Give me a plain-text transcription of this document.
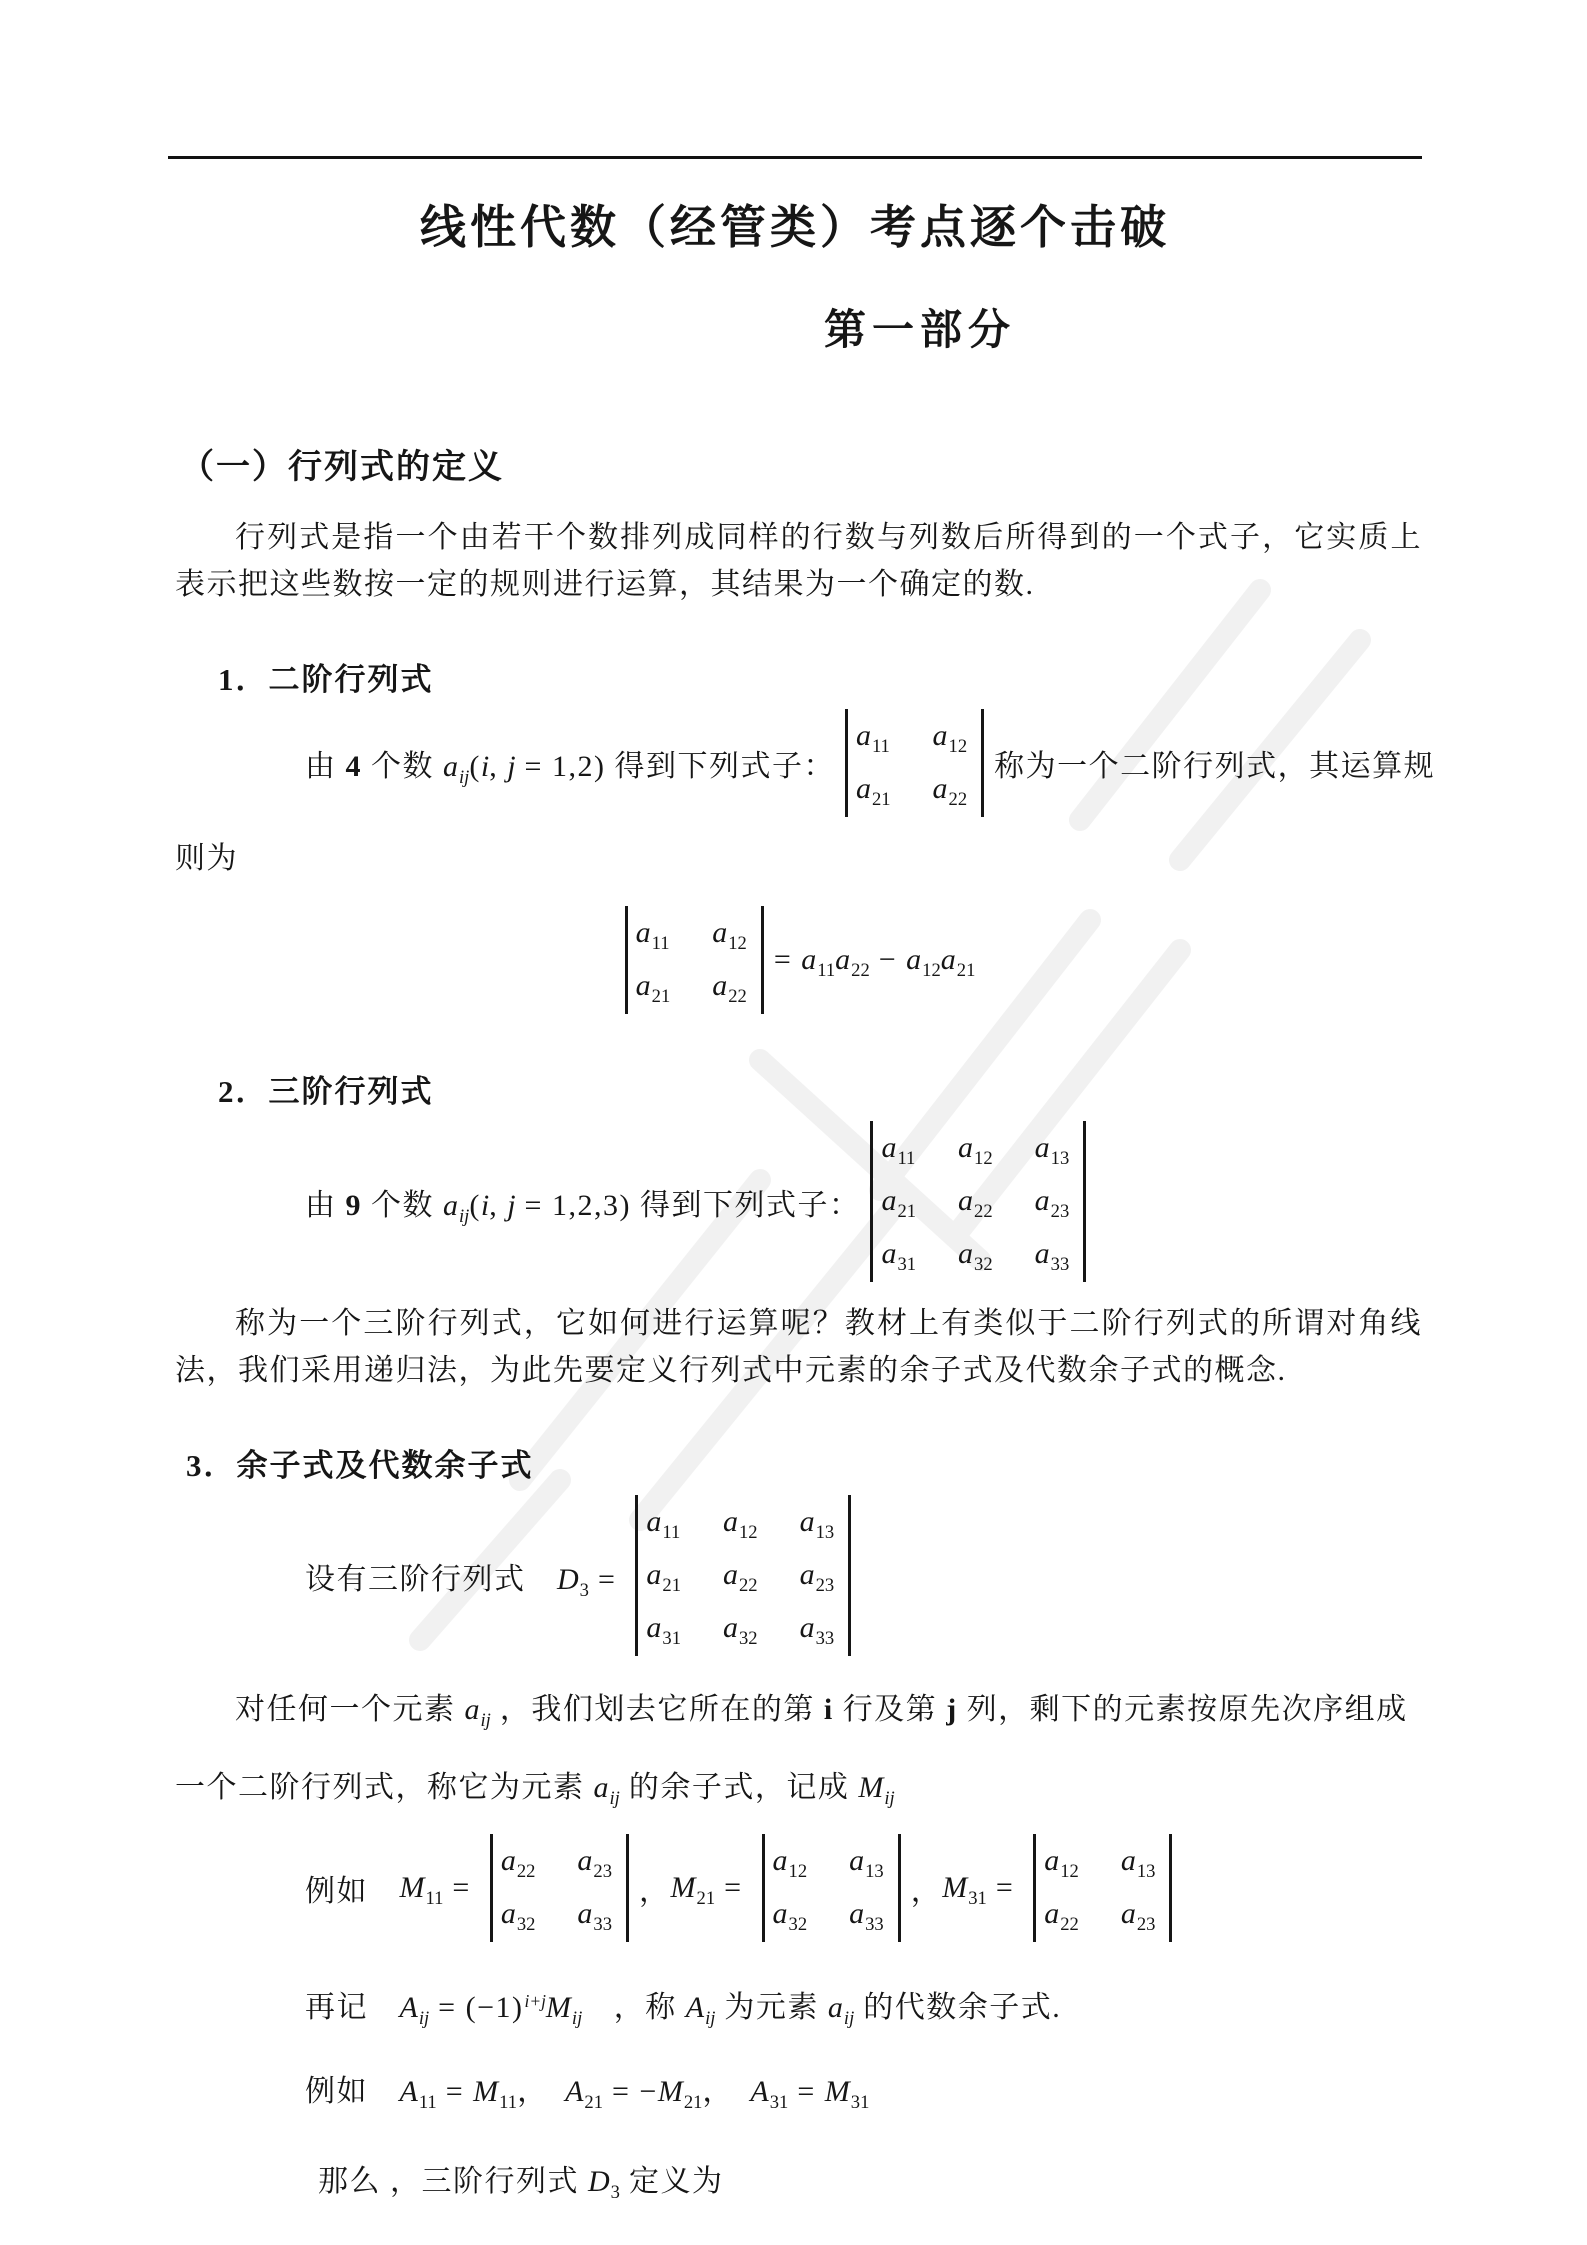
线性代数（经管类）考点逐个击破
第一部分
（一）行列式的定义

行列式是指一个由若干个数排列成同样的行数与列数后所得到的一个式子，它实质上表示把这些数按一定的规则进行运算，其结果为一个确定的数.

1．二阶行列式
由 4 个数 $a_{ij}(i$, j = 1,2) 得到下列式子：
$a_{11}$ $a_{12}$
$a_{21}$ $a_{22}$
称为一个二阶行列式，其运算规

则为

$a_{11}$ $a_{12}$
$a_{21}$ $a_{22}$
= $a_{11}a_{22} - a_{12}a_{21}$
2．三阶行列式
由 9 个数 $a_{ij}(i$, j = 1,2,3) 得到下列式子：
$a_{11}$ $a_{12}$ $a_{13}$
$a_{21}$ $a_{22}$ $a_{23}$
$a_{31}$ $a_{32}$ $a_{33}$

称为一个三阶行列式，它如何进行运算呢？教材上有类似于二阶行列式的所谓对角线法，我们采用递归法，为此先要定义行列式中元素的余子式及代数余子式的概念.

3．余子式及代数余子式
设有三阶行列式　$D_3$ =
$a_{11}$ $a_{12}$ $a_{13}$
$a_{21}$ $a_{22}$ $a_{23}$
$a_{31}$ $a_{32}$ $a_{33}$
对任何一个元素 $a_{ij}$ ，我们划去它所在的第 i 行及第 j 列，剩下的元素按原先次序组成
一个二阶行列式，称它为元素 $a_{ij}$ 的余子式，记成 $M_{ij}$
例如　 $M_{11}$ =
$a_{22}$ $a_{23}$
$a_{32}$ $a_{33}$
， $M_{21}$ =
$a_{12}$ $a_{13}$
$a_{32}$ $a_{33}$
， $M_{31}$ =
$a_{12}$ $a_{13}$
$a_{22}$ $a_{23}$
再记　$A_{ij} = (-1)^{i+j}M_{ij}$　，称 $A_{ij}$ 为元素 $a_{ij}$ 的代数余子式.
例如　$A_{11} = M_{11}$，　$A_{21} = -M_{21}$，　$A_{31} = M_{31}$
那么 ，三阶行列式 $D_3$ 定义为
